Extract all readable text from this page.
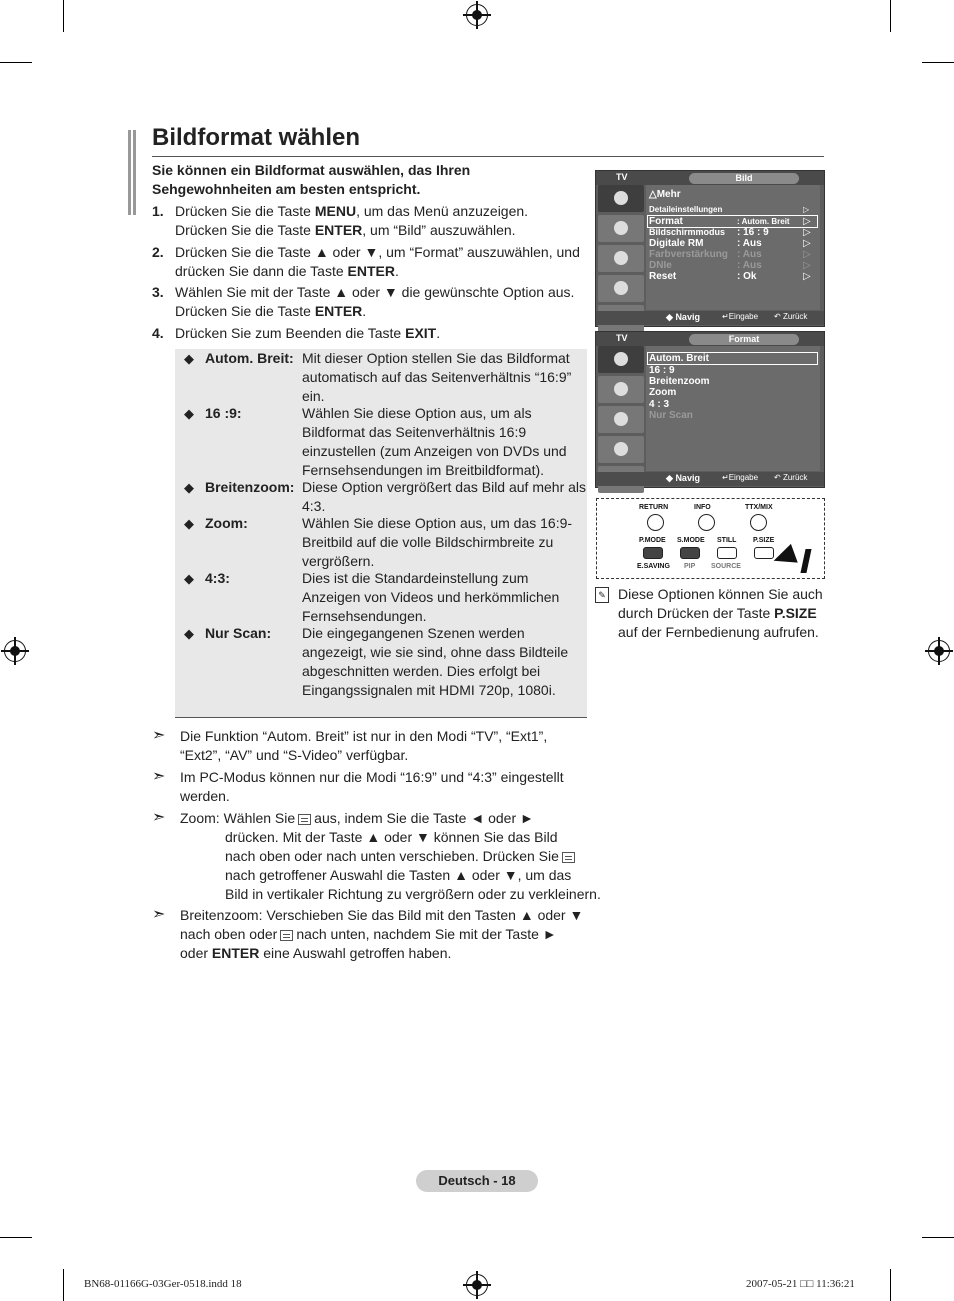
Bildformat wählen
Sie können ein Bildformat auswählen, das Ihren Sehgewohnheiten am besten entspricht.
1. Drücken Sie die Taste MENU, um das Menü anzuzeigen.
Drücken Sie die Taste ENTER, um “Bild” auszuwählen.
2. Drücken Sie die Taste ▲ oder ▼, um “Format” auszuwählen, und drücken Sie dann die Taste ENTER.
3. Wählen Sie mit der Taste ▲ oder ▼ die gewünschte Option aus.
Drücken Sie die Taste ENTER.
4. Drücken Sie zum Beenden die Taste EXIT.
◆ Autom. Breit: Mit dieser Option stellen Sie das Bildformat automatisch auf das Seitenverhältnis “16:9” ein.
◆ 16 :9:	Wählen Sie diese Option aus, um als Bildformat das Seitenverhältnis 16:9 einzustellen (zum Anzeigen von DVDs und Fernsehsendungen im Breitbildformat).
◆ Breitenzoom: Diese Option vergrößert das Bild auf mehr als 4:3.
◆ Zoom:	Wählen Sie diese Option aus, um das 16:9-Breitbild auf die volle Bildschirmbreite zu vergrößern.
◆ 4:3:	Dies ist die Standardeinstellung zum Anzeigen von Videos und herkömmlichen Fernsehsendungen.
◆ Nur Scan: Die eingegangenen Szenen werden angezeigt, wie sie sind, ohne dass Bildteile abgeschnitten werden. Dies erfolgt bei Eingangssignalen mit HDMI 720p, 1080i.
➣ Die Funktion “Autom. Breit” ist nur in den Modi “TV”, “Ext1”, “Ext2”, “AV” und “S-Video” verfügbar.
➣ Im PC-Modus können nur die Modi “16:9” und “4:3” eingestellt werden.
➣ Zoom: Wählen Sie aus, indem Sie die Taste ◄ oder ►

drücken. Mit der Taste ▲ oder ▼ können Sie das Bild
nach oben oder nach unten verschieben. Drücken Sie
nach getroffener Auswahl die Tasten ▲ oder ▼, um das
Bild in vertikaler Richtung zu vergrößern oder zu verkleinern.
➣ Breitenzoom: Verschieben Sie das Bild mit den Tasten ▲ oder ▼
nach oben oder nach unten, nachdem Sie mit der Taste ►
oder ENTER eine Auswahl getroffen haben.
TV	Bild
△Mehr
Detaileinstellungen	▷
Format	: Autom. Breit ▷
Bildschirmmodus : 16 : 9	▷
Digitale RM	: Aus	▷
Farbverstärkung : Aus	▷
DNIe	: Aus	▷
Reset	: Ok	▷
◆ Navig	↵Eingabe ↶ Zurück
TV	Format
Autom. Breit
16 : 9
Breitenzoom
Zoom
4 : 3
Nur Scan
◆ Navig	↵Eingabe ↶ Zurück
RETURN	INFO	TTX/MIX
P.MODE S.MODE STILL P.SIZE
E.SAVING PIP SOURCE
✎ Diese Optionen können Sie auch durch Drücken der Taste P.SIZE auf der Fernbedienung aufrufen.
Deutsch - 18
BN68-01166G-03Ger-0518.indd 18	2007-05-21 □□ 11:36:21
